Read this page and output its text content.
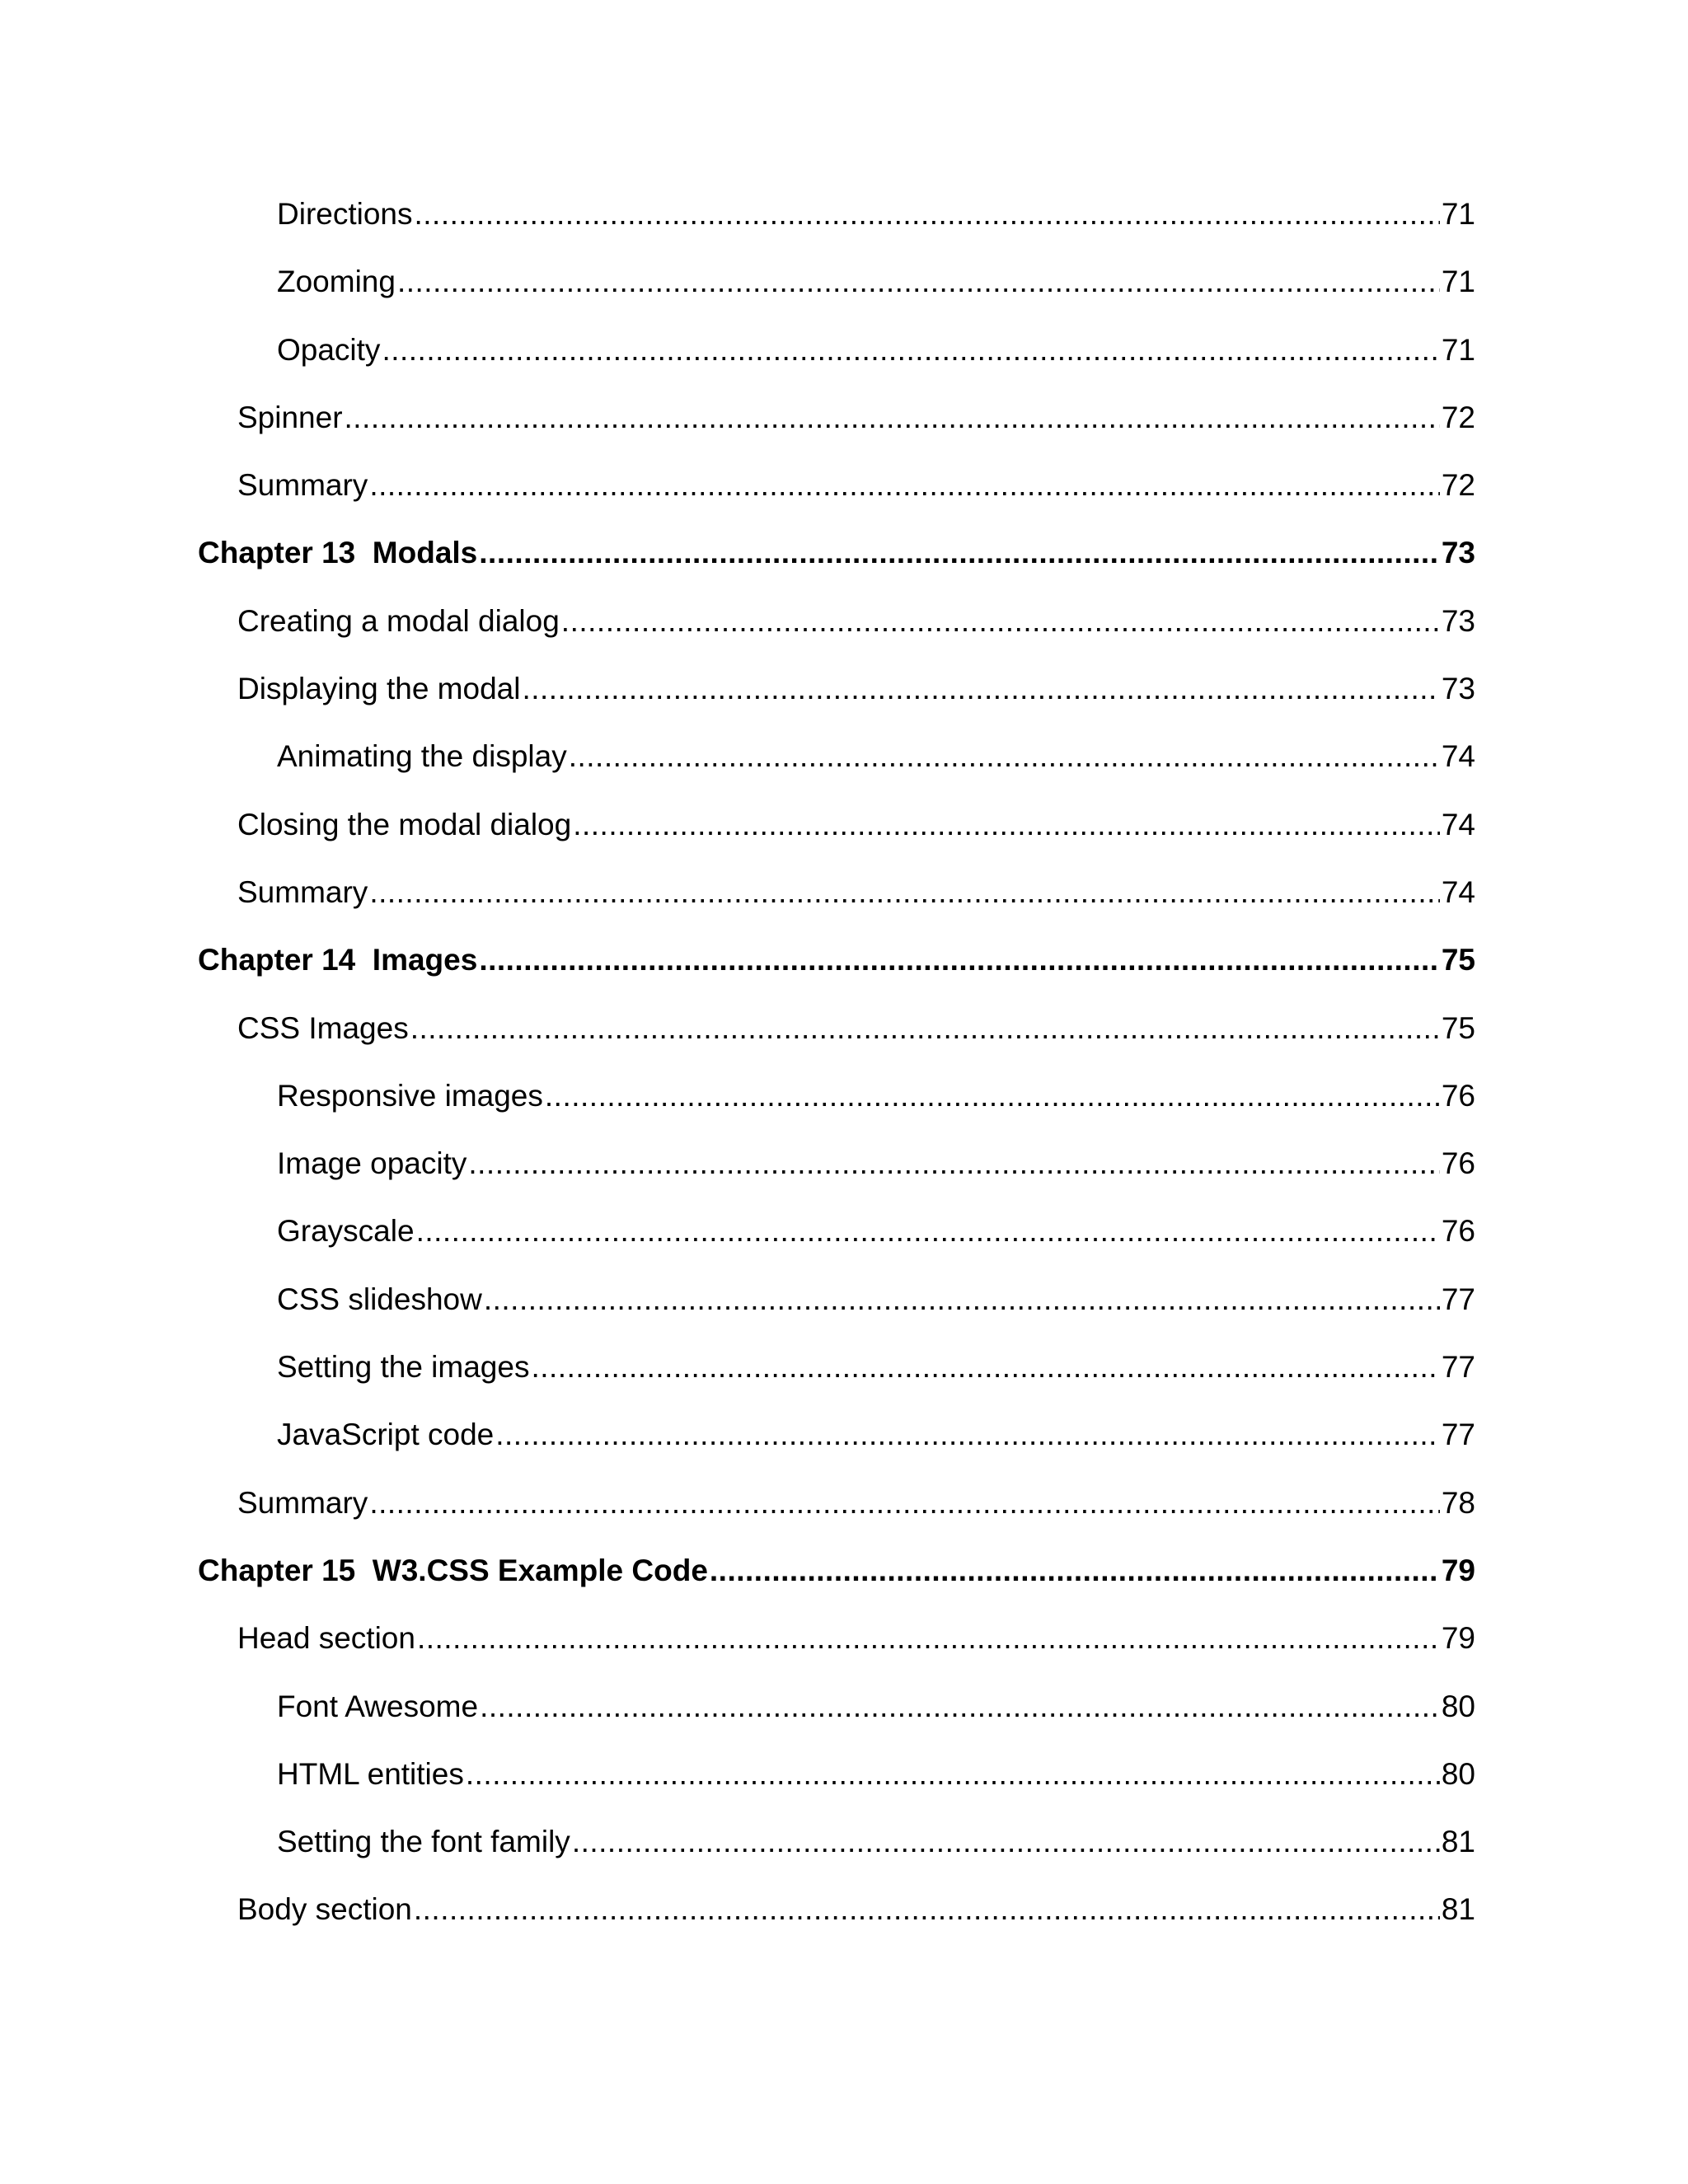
Directions .....	71
Zooming .....	71
Opacity .....	71
Spinner .....	72
Summary .....	72
Chapter 13  Modals .....	73
Creating a modal dialog .....	73
Displaying the modal .....	73
Animating the display .....	74
Closing the modal dialog .....	74
Summary .....	74
Chapter 14  Images .....	75
CSS Images .....	75
Responsive images .....	76
Image opacity .....	76
Grayscale .....	76
CSS slideshow .....	77
Setting the images .....	77
JavaScript code .....	77
Summary .....	78
Chapter 15  W3.CSS Example Code .....	79
Head section .....	79
Font Awesome .....	80
HTML entities .....	80
Setting the font family .....	81
Body section .....	81
